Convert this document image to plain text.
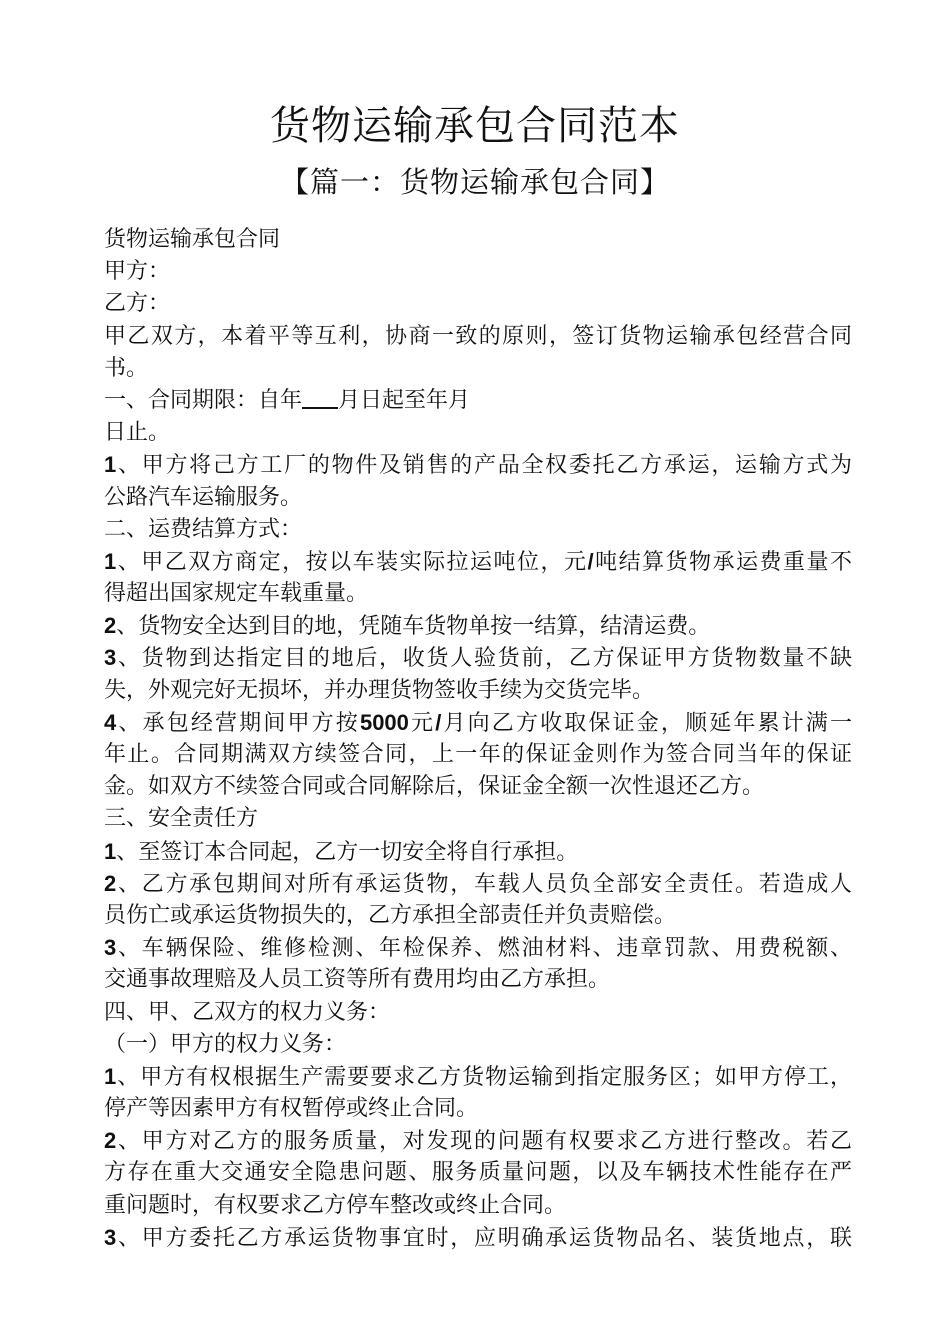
货物运输承包合同范本
【篇一：货物运输承包合同】
货物运输承包合同
甲方：
乙方：
甲乙双方，本着平等互利，协商一致的原则，签订货物运输承包经营合同
书。
一、合同期限：自年 月日起至年月
日止。
1、甲方将己方工厂的物件及销售的产品全权委托乙方承运，运输方式为
公路汽车运输服务。
二、运费结算方式：
1、甲乙双方商定，按以车装实际拉运吨位，元/吨结算货物承运费重量不
得超出国家规定车载重量。
2、货物安全达到目的地，凭随车货物单按一结算，结清运费。
3、货物到达指定目的地后，收货人验货前，乙方保证甲方货物数量不缺
失，外观完好无损坏，并办理货物签收手续为交货完毕。
4、承包经营期间甲方按5000元/月向乙方收取保证金，顺延年累计满一
年止。合同期满双方续签合同，上一年的保证金则作为签合同当年的保证
金。如双方不续签合同或合同解除后，保证金全额一次性退还乙方。
三、安全责任方
1、至签订本合同起，乙方一切安全将自行承担。
2、乙方承包期间对所有承运货物，车载人员负全部安全责任。若造成人
员伤亡或承运货物损失的，乙方承担全部责任并负责赔偿。
3、车辆保险、维修检测、年检保养、燃油材料、违章罚款、用费税额、
交通事故理赔及人员工资等所有费用均由乙方承担。
四、甲、乙双方的权力义务：
（一）甲方的权力义务：
1、甲方有权根据生产需要要求乙方货物运输到指定服务区；如甲方停工，
停产等因素甲方有权暂停或终止合同。
2、甲方对乙方的服务质量，对发现的问题有权要求乙方进行整改。若乙
方存在重大交通安全隐患问题、服务质量问题，以及车辆技术性能存在严
重问题时，有权要求乙方停车整改或终止合同。
3、甲方委托乙方承运货物事宜时，应明确承运货物品名、装货地点，联
